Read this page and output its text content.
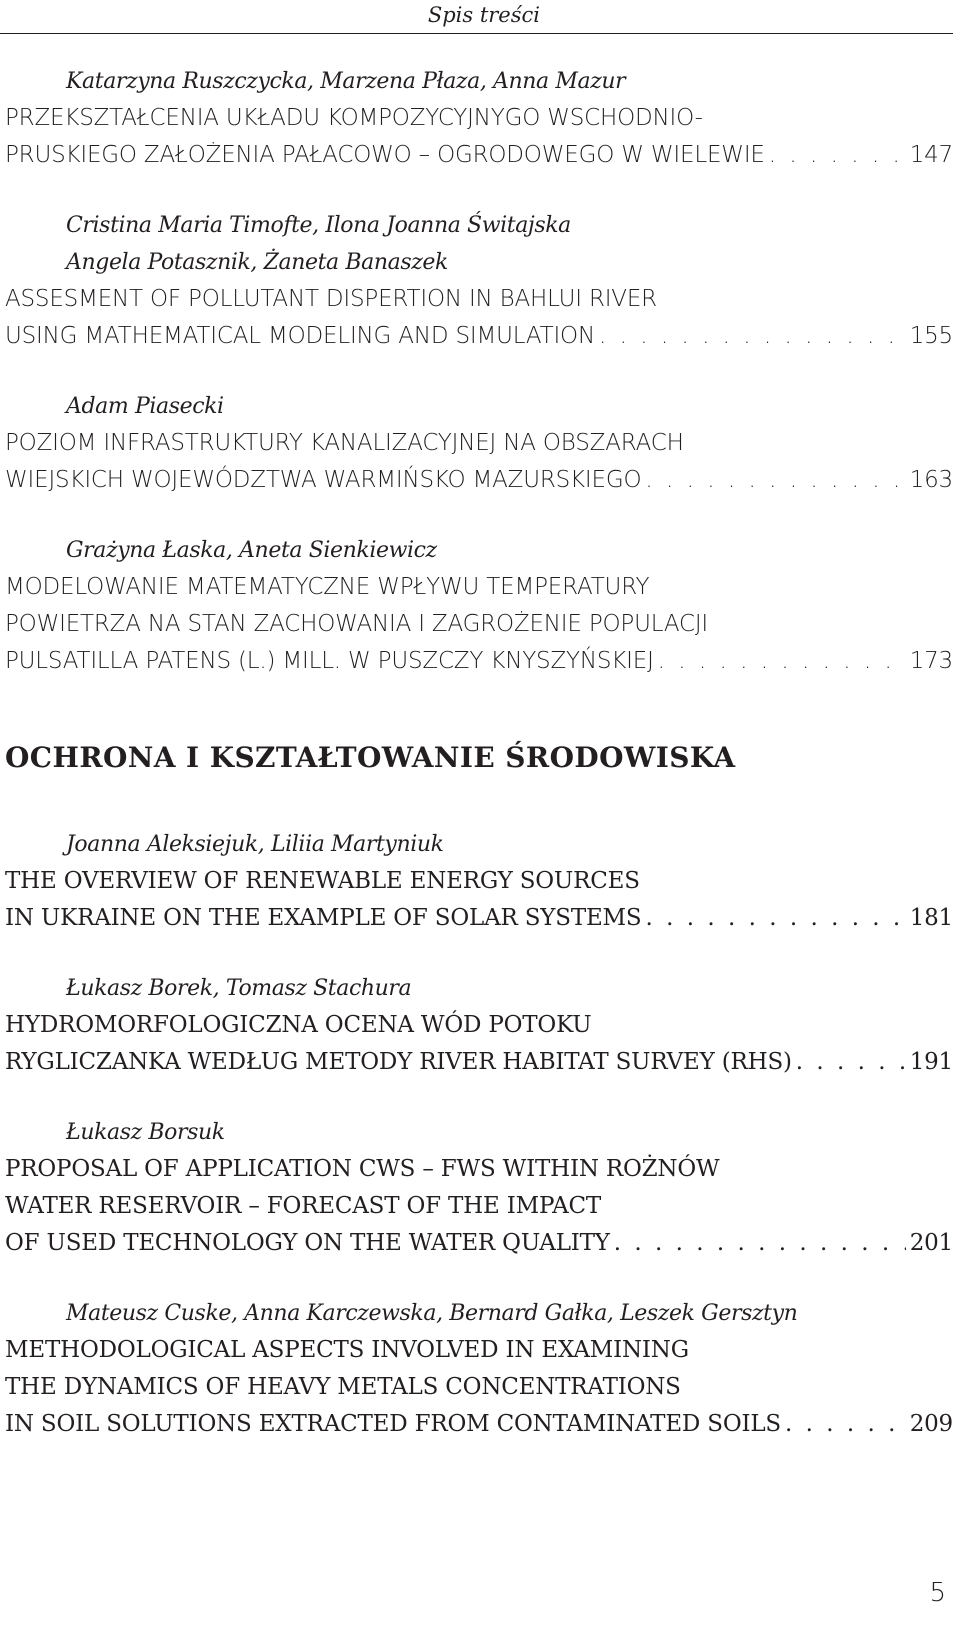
Spis treści
Katarzyna Ruszczycka, Marzena Płaza, Anna Mazur
PRZEKSZTAŁCENIA UKŁADU KOMPOZYCYJNYGO WSCHODNIO-
PRUSKIEGO ZAŁOŻENIA PAŁACOWO – OGRODOWEGO W WIELEWIE . . .	147
Cristina Maria Timofte, Ilona Joanna Świtajska
Angela Potasznik, Żaneta Banaszek
ASSESMENT OF POLLUTANT DISPERTION IN BAHLUI RIVER
USING MATHEMATICAL MODELING AND SIMULATION . . .	155
Adam Piasecki
POZIOM INFRASTRUKTURY KANALIZACYJNEJ NA OBSZARACH
WIEJSKICH WOJEWÓDZTWA WARMIŃSKO MAZURSKIEGO . . .	163
Grażyna Łaska, Aneta Sienkiewicz
MODELOWANIE MATEMATYCZNE WPŁYWU TEMPERATURY
POWIETRZA NA STAN ZACHOWANIA I ZAGROŻENIE POPULACJI
PULSATILLA PATENS (L.) MILL. W PUSZCZY KNYSZYŃSKIEJ . . .	173
OCHRONA I KSZTAŁTOWANIE ŚRODOWISKA
Joanna Aleksiejuk, Liliia Martyniuk
THE OVERVIEW OF RENEWABLE ENERGY SOURCES
IN UKRAINE ON THE EXAMPLE OF SOLAR SYSTEMS . . .	181
Łukasz Borek, Tomasz Stachura
HYDROMORFOLOGICZNA OCENA WÓD POTOKU
RYGLICZANKA WEDŁUG METODY RIVER HABITAT SURVEY (RHS) . . .	191
Łukasz Borsuk
PROPOSAL OF APPLICATION CWS – FWS WITHIN ROŻNÓW
WATER RESERVOIR – FORECAST OF THE IMPACT
OF USED TECHNOLOGY ON THE WATER QUALITY . . .	201
Mateusz Cuske, Anna Karczewska, Bernard Gałka, Leszek Gersztyn
METHODOLOGICAL ASPECTS INVOLVED IN EXAMINING
THE DYNAMICS OF HEAVY METALS CONCENTRATIONS
IN SOIL SOLUTIONS EXTRACTED FROM CONTAMINATED SOILS . . .	209
5
